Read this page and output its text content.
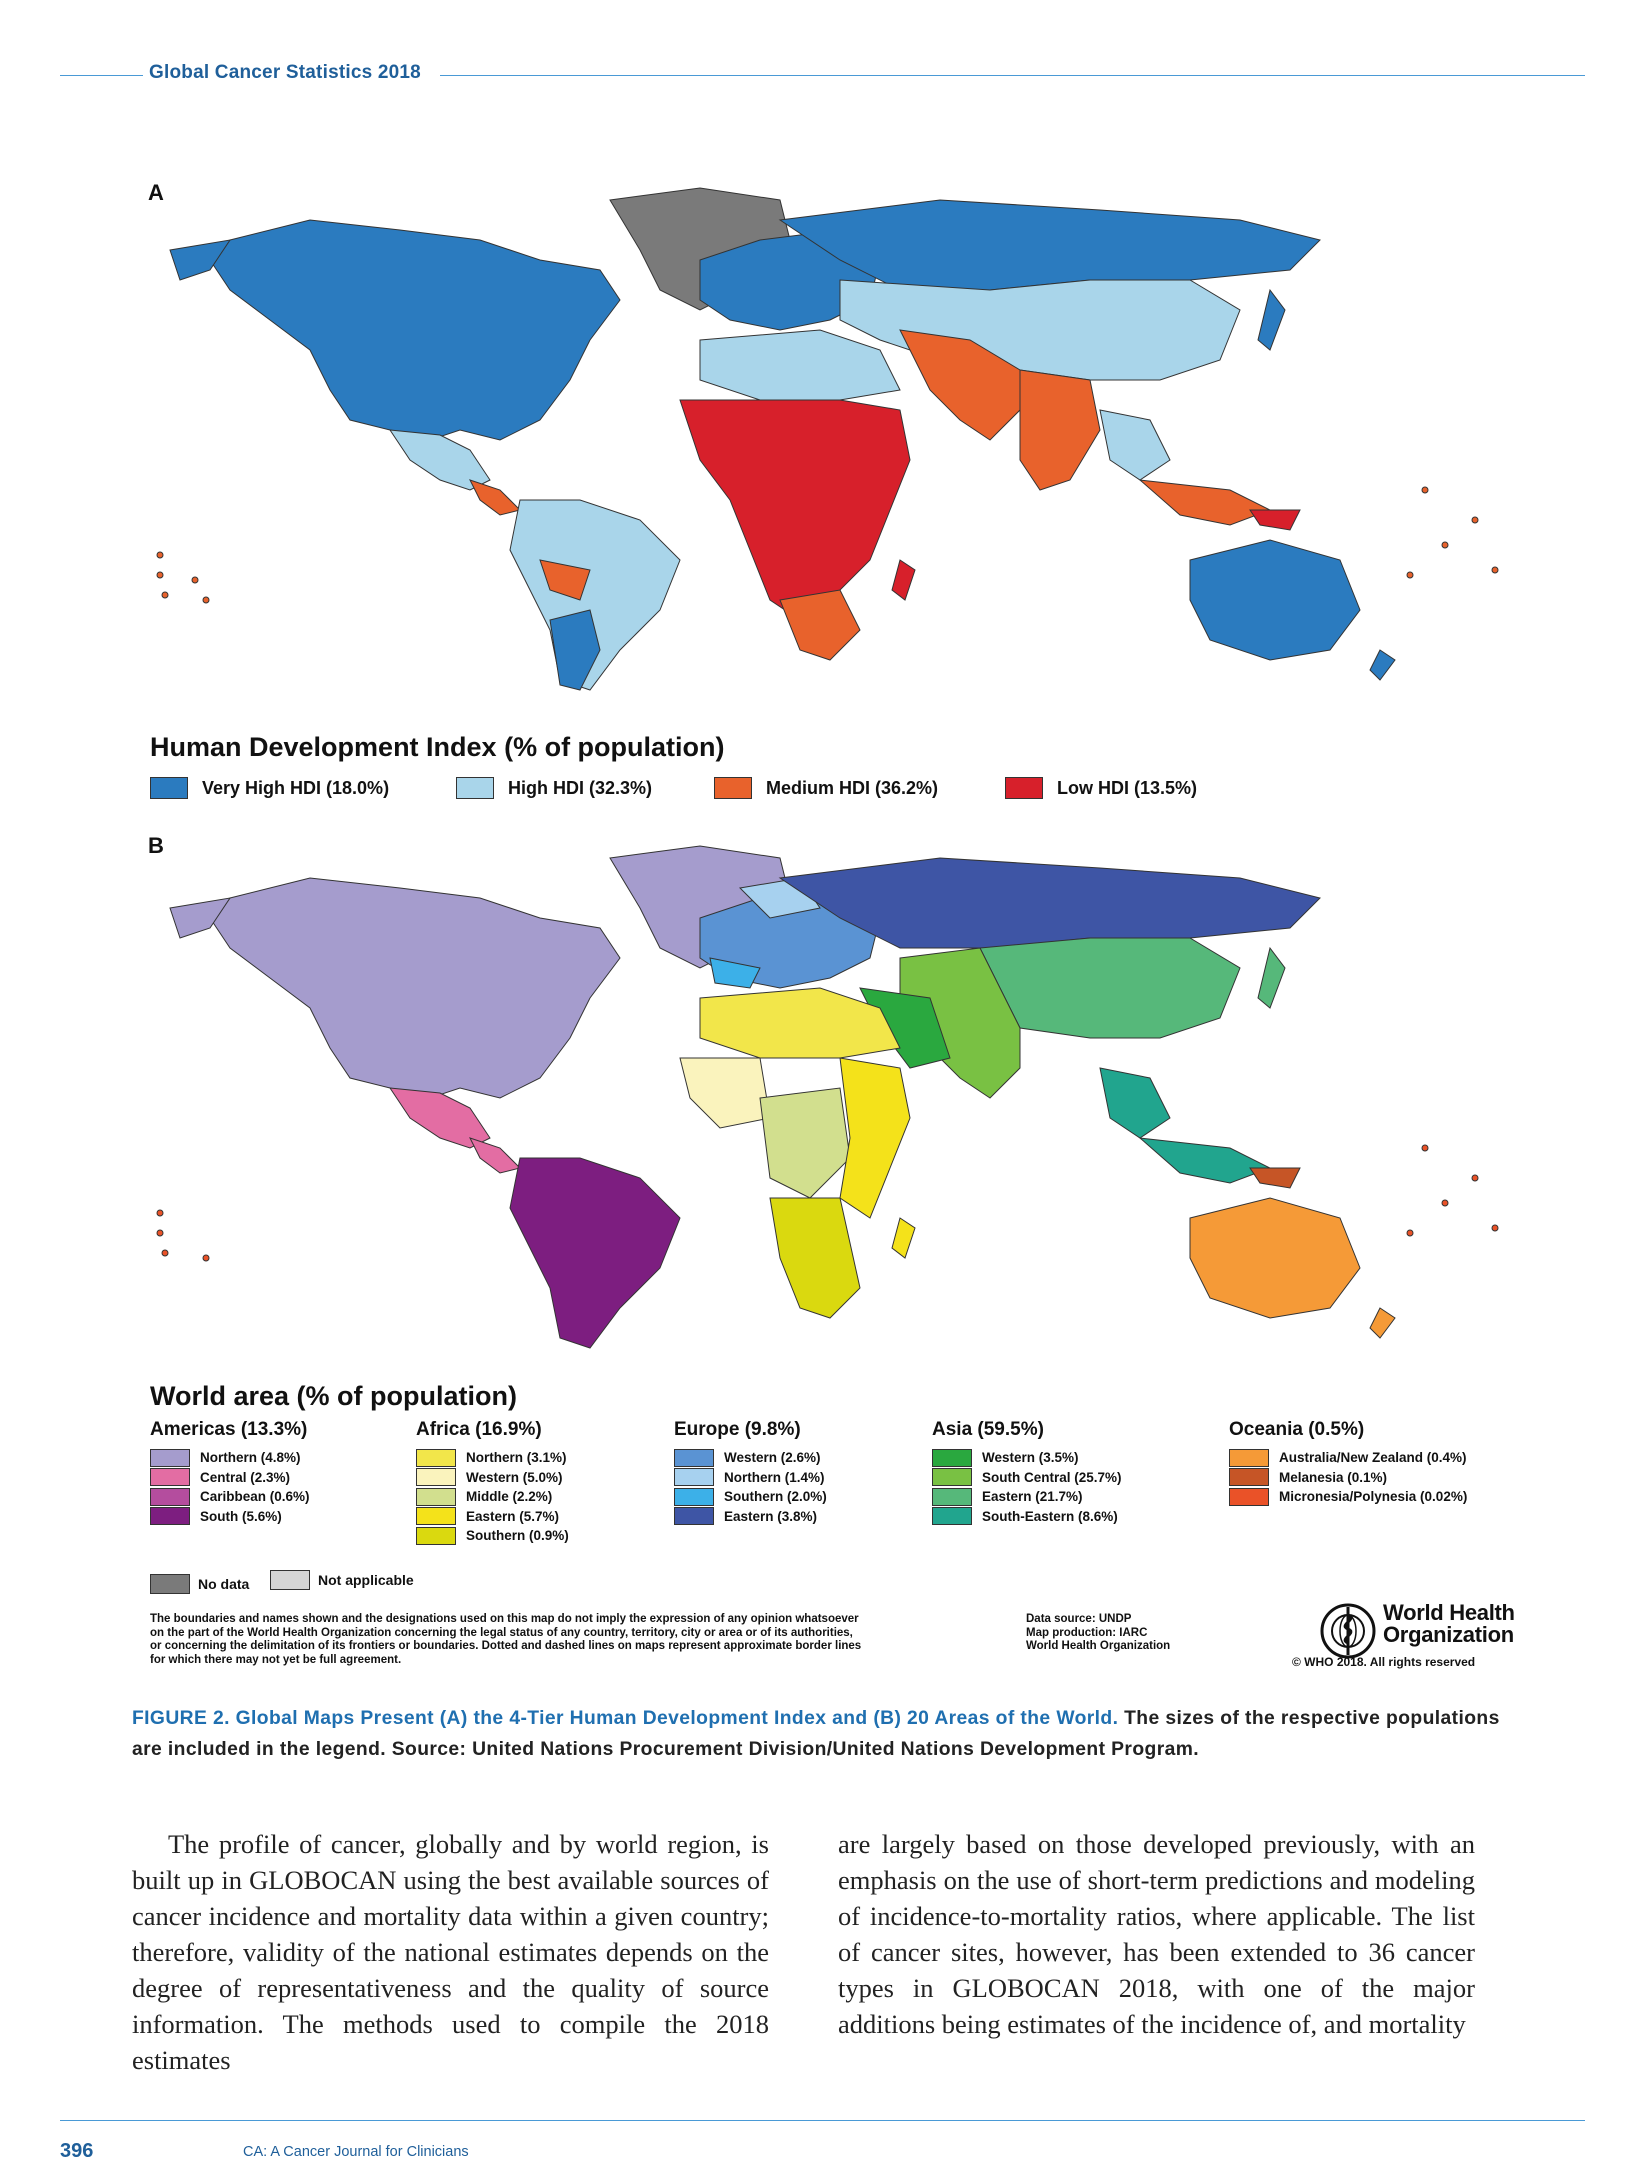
Global Cancer Statistics 2018
A
Human Development Index (% of population)
Very High HDI (18.0%)	High HDI (32.3%)	Medium HDI (36.2%)	Low HDI (13.5%)
B
World area (% of population)
Americas (13.3%)
Northern (4.8%)
Central (2.3%)
Caribbean (0.6%)
South (5.6%)
Africa (16.9%)
Northern (3.1%)
Western (5.0%)
Middle (2.2%)
Eastern (5.7%)
Southern (0.9%)
Europe (9.8%)
Western (2.6%)
Northern (1.4%)
Southern (2.0%)
Eastern (3.8%)
Asia (59.5%)
Western (3.5%)
South Central (25.7%)
Eastern (21.7%)
South-Eastern (8.6%)
Oceania (0.5%)
Australia/New Zealand (0.4%)
Melanesia (0.1%)
Micronesia/Polynesia (0.02%)
No data	Not applicable
The boundaries and names shown and the designations used on this map do not imply the expression of any opinion whatsoever
on the part of the World Health Organization concerning the legal status of any country, territory, city or area or of its authorities,
or concerning the delimitation of its frontiers or boundaries. Dotted and dashed lines on maps represent approximate border lines
for which there may not yet be full agreement.
Data source: UNDP
Map production: IARC
World Health Organization
World Health
Organization
© WHO 2018. All rights reserved
FIGURE 2. Global Maps Present (A) the 4-Tier Human Development Index and (B) 20 Areas of the World. The sizes of the respective populations are included in the legend. Source: United Nations Procurement Division/United Nations Development Program.

The profile of cancer, globally and by world region, is built up in GLOBOCAN using the best available sources of cancer incidence and mortality data within a given country; therefore, validity of the national estimates depends on the degree of representativeness and the quality of source information. The methods used to compile the 2018 estimates

are largely based on those developed previously, with an emphasis on the use of short-term predictions and modeling of incidence-to-mortality ratios, where applicable. The list of cancer sites, however, has been extended to 36 cancer types in GLOBOCAN 2018, with one of the major additions being estimates of the incidence of, and mortality

396	CA: A Cancer Journal for Clinicians
